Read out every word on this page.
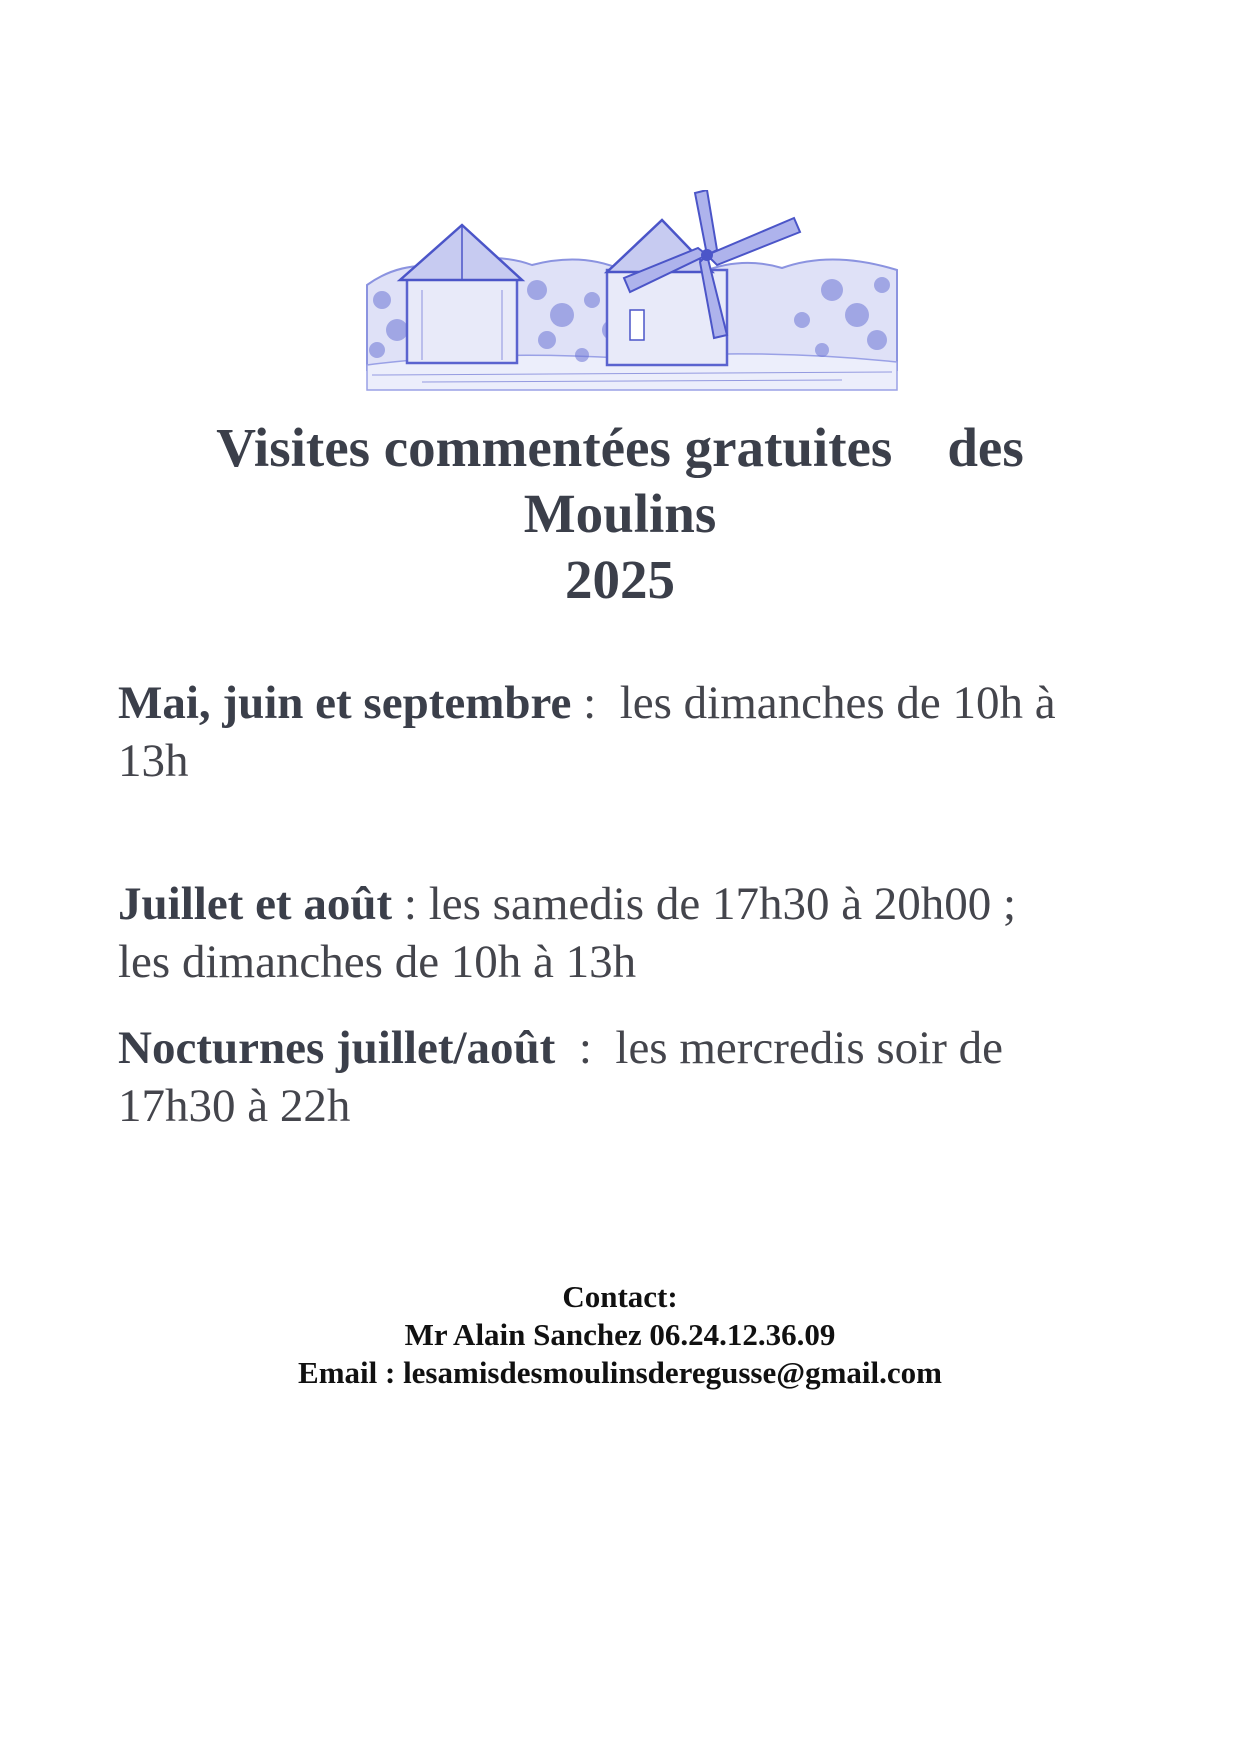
Visites commentées gratuites    des
Moulins
2025
Mai, juin et septembre :  les dimanches de 10h à
13h
Juillet et août : les samedis de 17h30 à 20h00 ;
les dimanches de 10h à 13h
Nocturnes juillet/août  :  les mercredis soir de
17h30 à 22h
Contact:
Mr Alain Sanchez 06.24.12.36.09
Email : lesamisdesmoulinsderegusse@gmail.com
